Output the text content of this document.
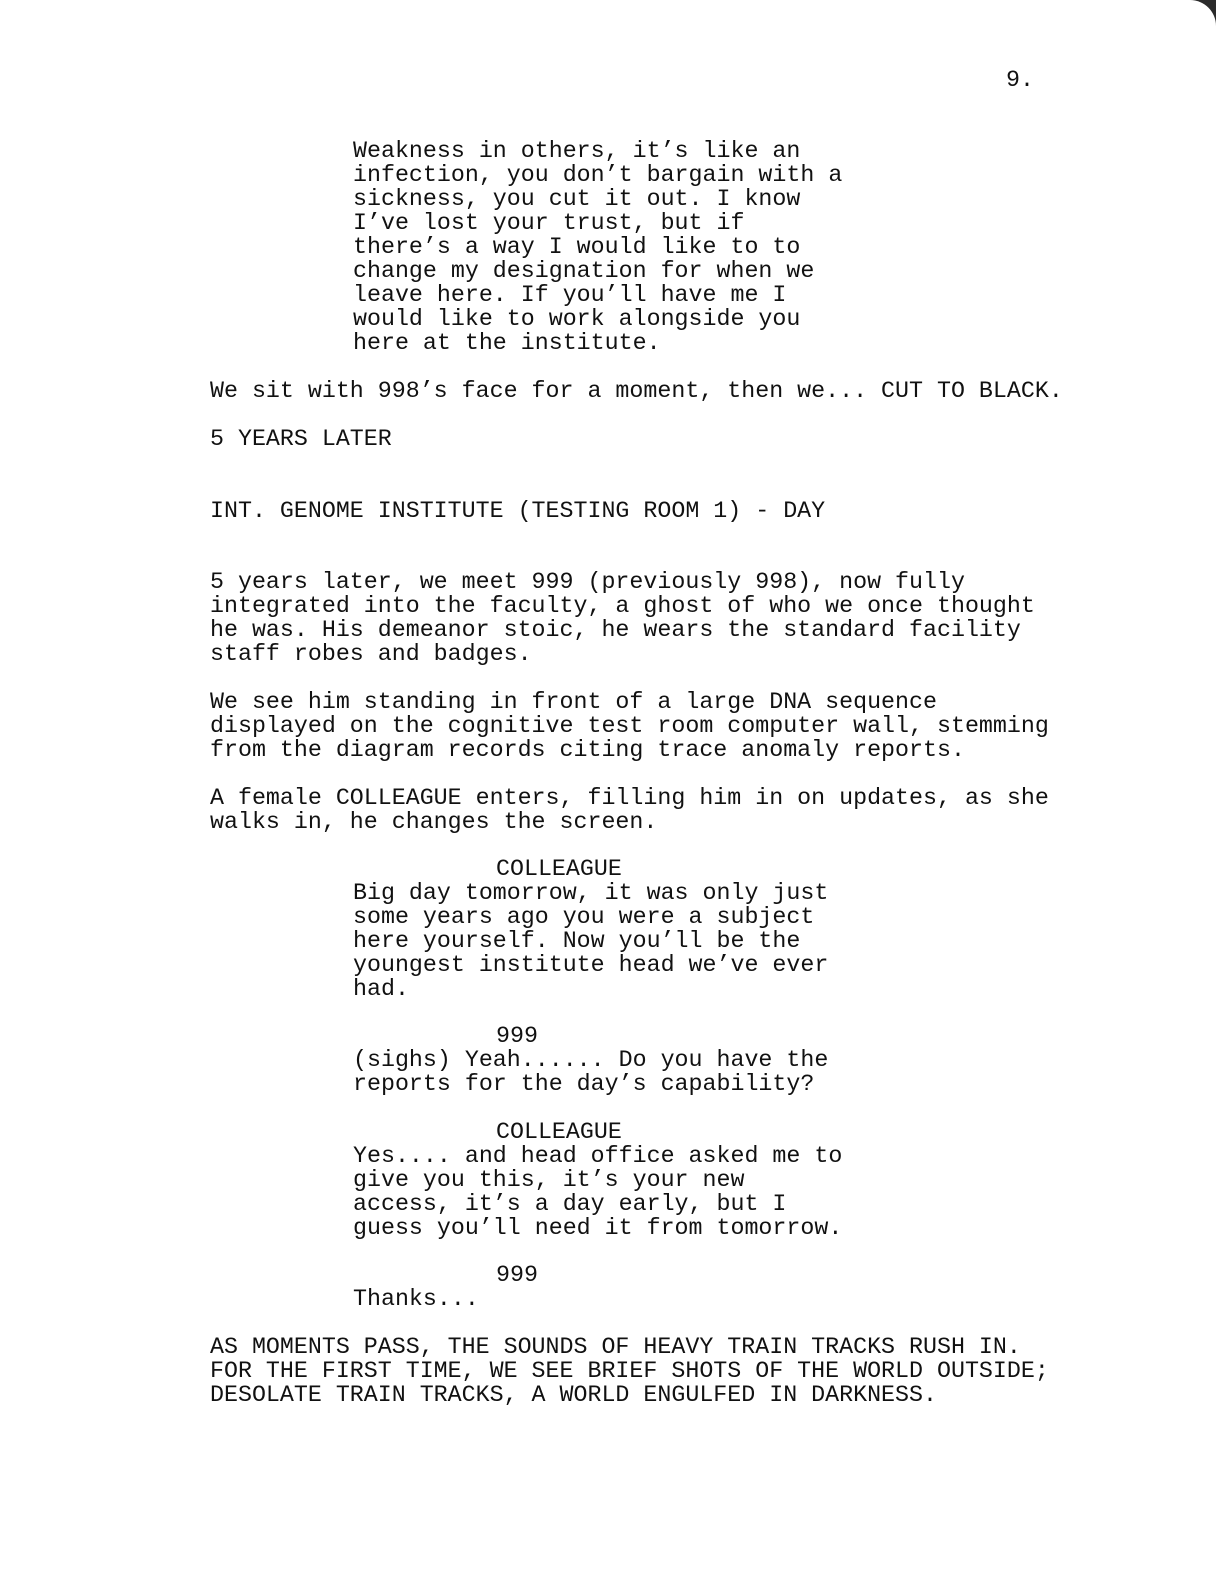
9.

Weakness in others, it’s like an

infection, you don’t bargain with a

sickness, you cut it out. I know

I’ve lost your trust, but if

there’s a way I would like to to

change my designation for when we

leave here. If you’ll have me I

would like to work alongside you

here at the institute.

We sit with 998’s face for a moment, then we... CUT TO BLACK.

5 YEARS LATER

INT. GENOME INSTITUTE (TESTING ROOM 1) - DAY

5 years later, we meet 999 (previously 998), now fully

integrated into the faculty, a ghost of who we once thought

he was. His demeanor stoic, he wears the standard facility

staff robes and badges.

We see him standing in front of a large DNA sequence

displayed on the cognitive test room computer wall, stemming

from the diagram records citing trace anomaly reports.

A female COLLEAGUE enters, filling him in on updates, as she

walks in, he changes the screen.

COLLEAGUE

Big day tomorrow, it was only just

some years ago you were a subject

here yourself. Now you’ll be the

youngest institute head we’ve ever

had.

999

(sighs) Yeah...... Do you have the

reports for the day’s capability?

COLLEAGUE

Yes.... and head office asked me to

give you this, it’s your new

access, it’s a day early, but I

guess you’ll need it from tomorrow.

999

Thanks...

AS MOMENTS PASS, THE SOUNDS OF HEAVY TRAIN TRACKS RUSH IN.

FOR THE FIRST TIME, WE SEE BRIEF SHOTS OF THE WORLD OUTSIDE;

DESOLATE TRAIN TRACKS, A WORLD ENGULFED IN DARKNESS.
